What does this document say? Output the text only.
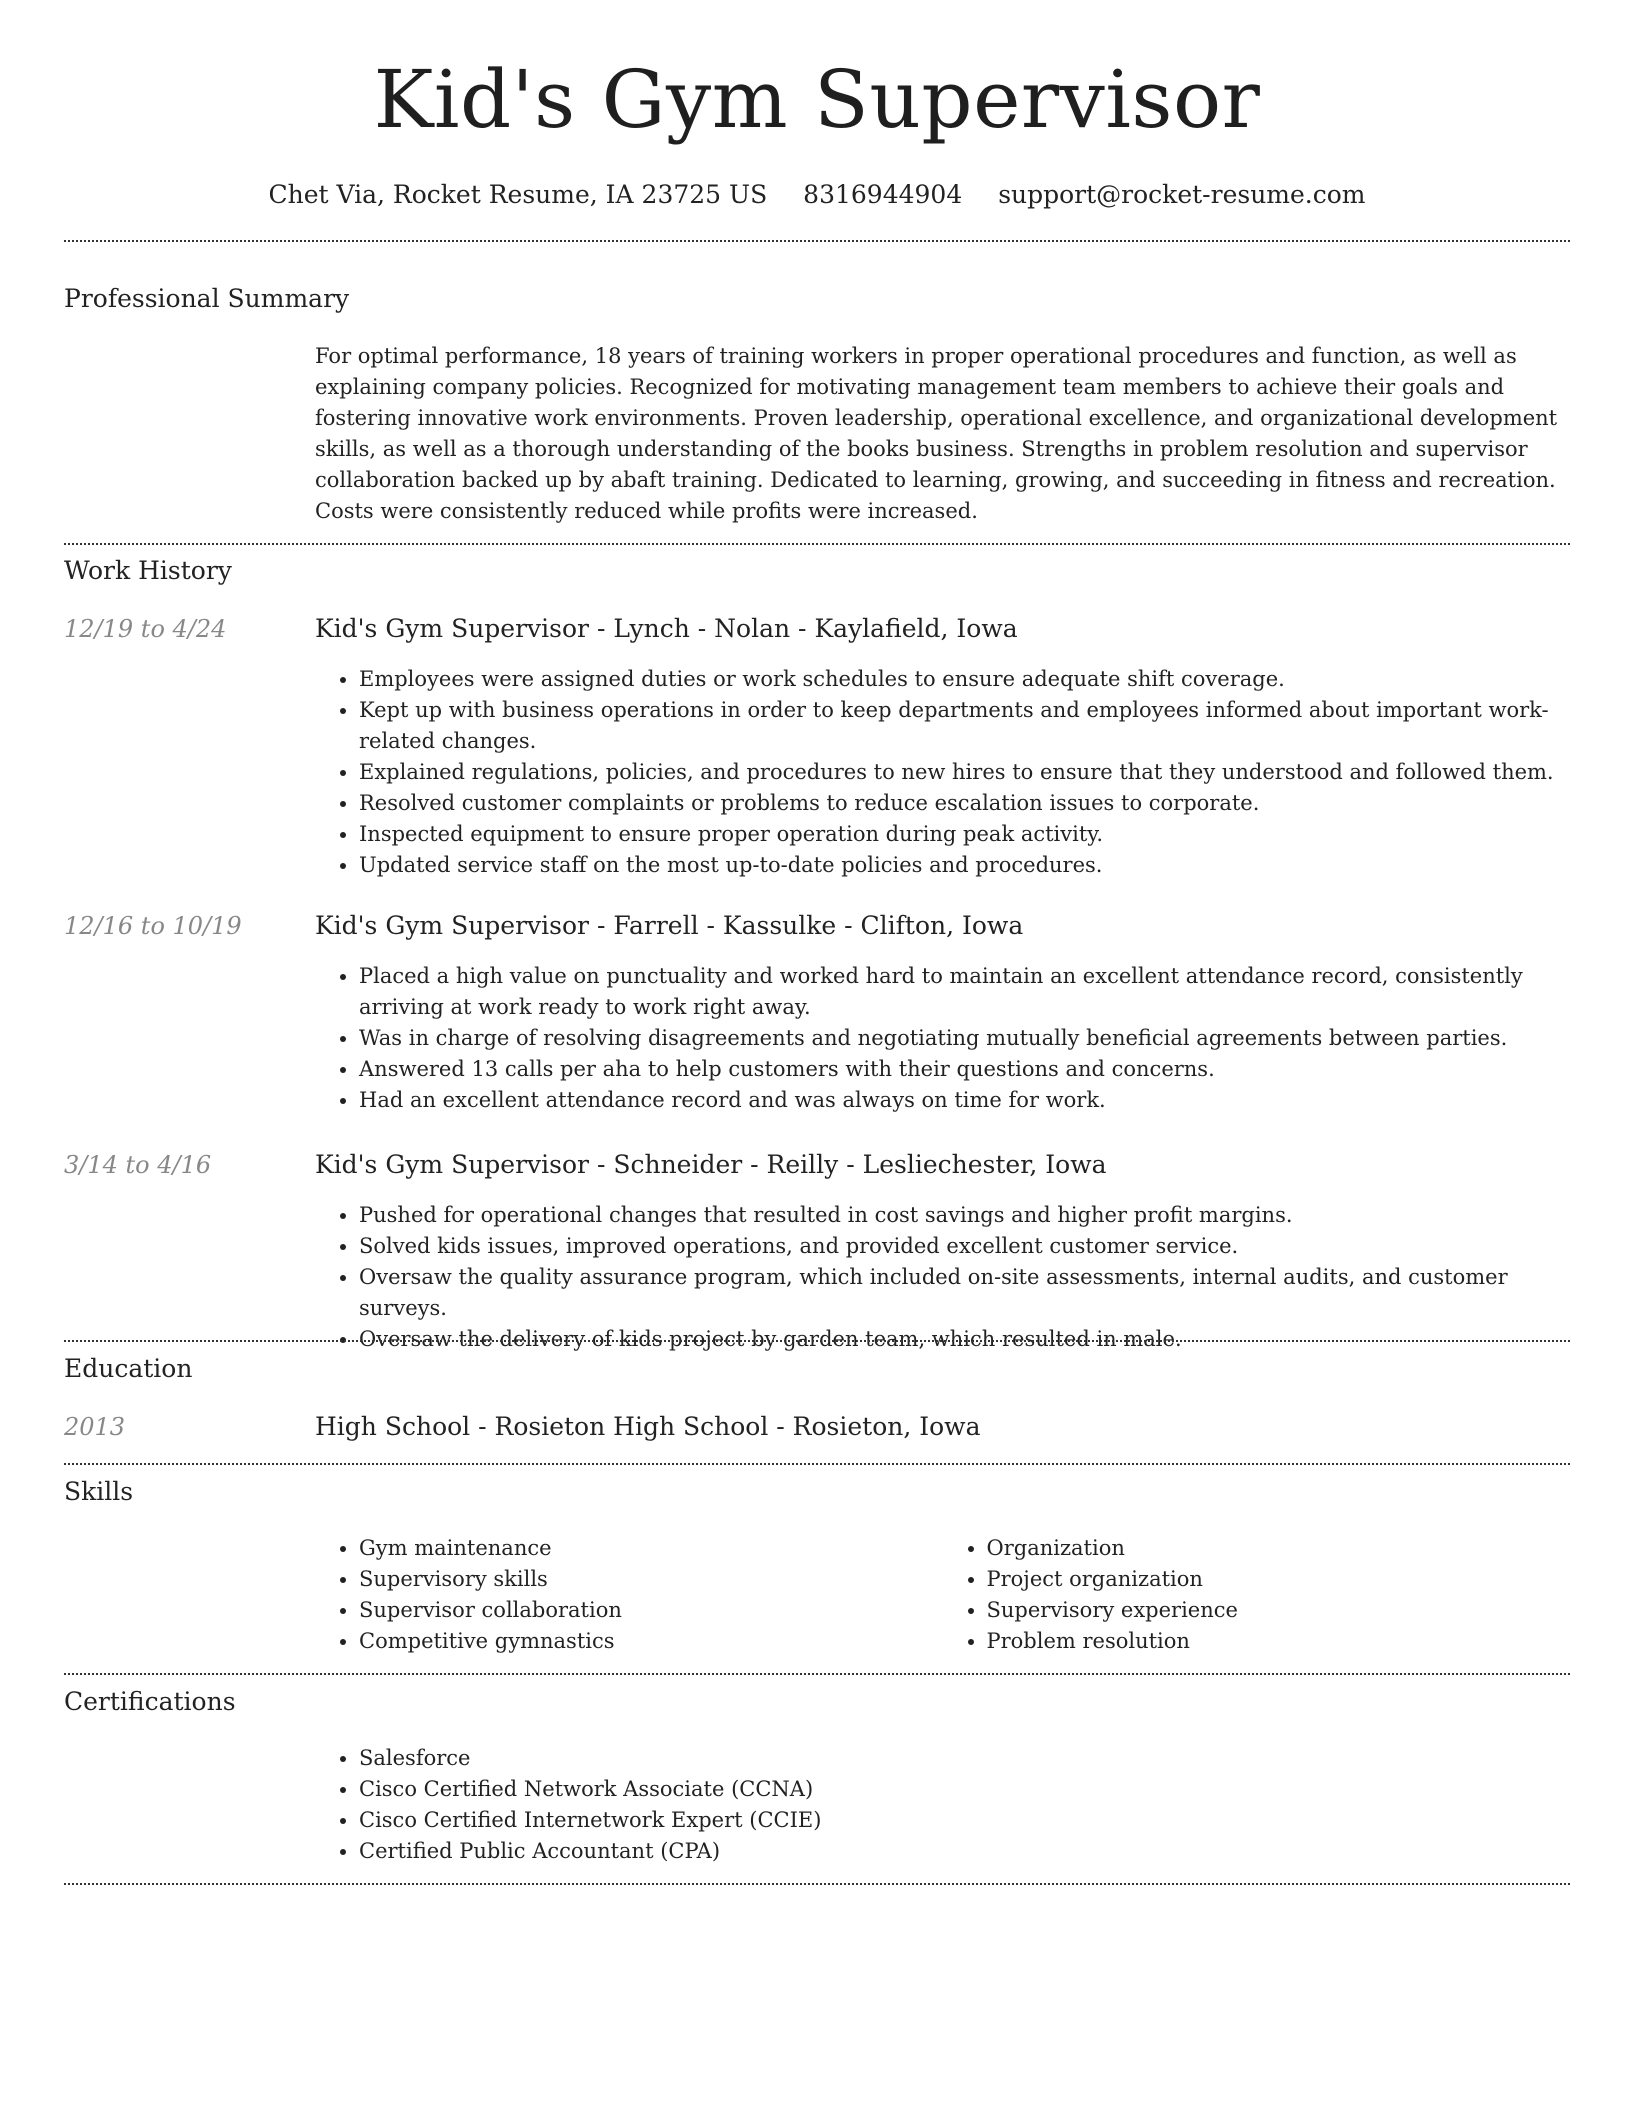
Kid's Gym Supervisor
Chet Via, Rocket Resume, IA 23725 US 8316944904 support@rocket-resume.com
Professional Summary

For optimal performance, 18 years of training workers in proper operational procedures and function, as well as explaining company policies. Recognized for motivating management team members to achieve their goals and fostering innovative work environments. Proven leadership, operational excellence, and organizational development skills, as well as a thorough understanding of the books business. Strengths in problem resolution and supervisor collaboration backed up by abaft training. Dedicated to learning, growing, and succeeding in fitness and recreation. Costs were consistently reduced while profits were increased.

Work History
12/19 to 4/24	Kid's Gym Supervisor - Lynch - Nolan - Kaylafield, Iowa

• Employees were assigned duties or work schedules to ensure adequate shift coverage.
• Kept up with business operations in order to keep departments and employees informed about important work-related changes.
• Explained regulations, policies, and procedures to new hires to ensure that they understood and followed them.
• Resolved customer complaints or problems to reduce escalation issues to corporate.
• Inspected equipment to ensure proper operation during peak activity.
• Updated service staff on the most up-to-date policies and procedures.
12/16 to 10/19	Kid's Gym Supervisor - Farrell - Kassulke - Clifton, Iowa

• Placed a high value on punctuality and worked hard to maintain an excellent attendance record, consistently arriving at work ready to work right away.
• Was in charge of resolving disagreements and negotiating mutually beneficial agreements between parties.
• Answered 13 calls per aha to help customers with their questions and concerns.
• Had an excellent attendance record and was always on time for work.
3/14 to 4/16	Kid's Gym Supervisor - Schneider - Reilly - Lesliechester, Iowa

• Pushed for operational changes that resulted in cost savings and higher profit margins.
• Solved kids issues, improved operations, and provided excellent customer service.
• Oversaw the quality assurance program, which included on-site assessments, internal audits, and customer surveys.
• Oversaw the delivery of kids project by garden team, which resulted in male.
Education
2013	High School - Rosieton High School - Rosieton, Iowa

Skills
• Gym maintenance
• Supervisory skills
• Supervisor collaboration
• Competitive gymnastics
• Organization
• Project organization
• Supervisory experience
• Problem resolution
Certifications
• Salesforce
• Cisco Certified Network Associate (CCNA)
• Cisco Certified Internetwork Expert (CCIE)
• Certified Public Accountant (CPA)
